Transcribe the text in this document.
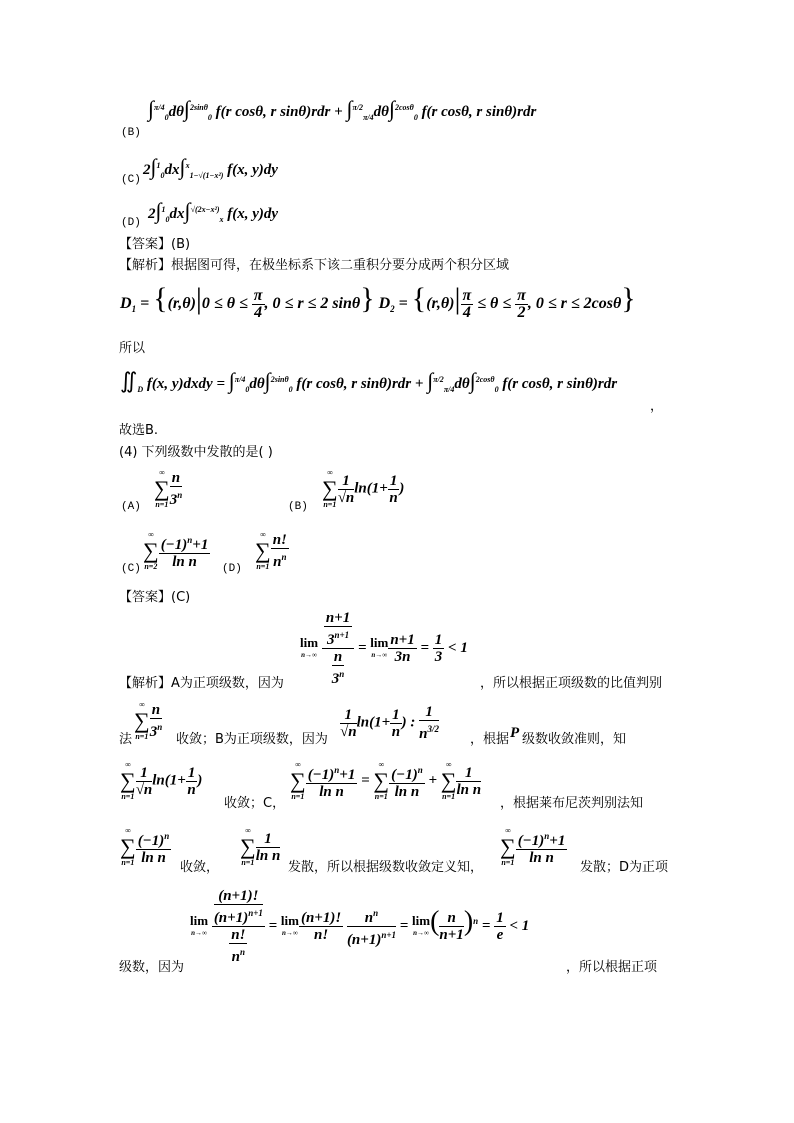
∫$^{\pi/4}_0$dθ∫$^{2sin\theta}_0$ f(r cosθ, r sinθ)rdr + ∫$^{\pi/2}_{\pi/4}$dθ∫$^{2cos\theta}_0$ f(r cosθ, r sinθ)rdr
(B)
2∫$^1_0$dx∫$^x_{1-√(1-x^2)}$ f(x, y)dy
(C)
2∫$^1_0$dx∫$^{√(2x-x^2)}_x$ f(x, y)dy
(D)
【答案】(B)
【解析】根据图可得，在极坐标系下该二重积分要分成两个积分区域
$D_1 = \{(r,\theta)|0 \le \theta \le \frac{\pi}{4}$ , 0 ≤ r ≤ 2 sinθ} $D_2 = \{(r,\theta)| \frac{\pi}{4} \le \theta \le \frac{\pi}{2}$ , 0 ≤ r ≤ 2cosθ}
所以
$∬_D$ f(x, y)dxdy = ∫$^{\pi/4}_0$dθ∫$^{2sin\theta}_0$ f(r cosθ, r sinθ)rdr + ∫$^{\pi/2}_{\pi/4}$dθ∫$^{2cos\theta}_0$ f(r cosθ, r sinθ)rdr
，
故选B.
(4) 下列级数中发散的是( )
∞
∑
$n=1 \frac{n}{3^n}$
(A)	(B)
∞
∑
$n=1 \frac{1}{√n} \ln(1+ \frac{1}{n}$ )
∞
∑
$n=2 \frac{(-1)^n+1}{\text{ln n}}$
(C)	(D)
∞
∑
$n=1 \frac{n!}{n^n}$
【答案】(C)
lim
n→∞
$\frac{\frac{n+1}{3^{n+1}}}{\frac{n}{3^n}} = \lim$
$n\to\infty \frac{n+1}{3n} = \frac{1}{3} < 1$
【解析】A为正项级数，因为	，所以根据正项级数的比值判别
法
∞
∑
$n=1 \frac{n}{3^n}$ 收敛；B为正项级数，因为 $\frac{1}{√n} \ln(1+ \frac{1}{n}$ ) : $\frac{1}{n^{3/2}}$ ，根据 P 级数收敛准则，知
∞
∑
$n=1 \frac{1}{√n} \ln(1+ \frac{1}{n}$ )
收敛；C，
∞
∑
$n=1 \frac{(-1)^n+1}{\text{ln n}}$ =
∞
∑
$n=1 \frac{(-1)^n}{\text{ln n}}$ +
∞
∑
$n=1 \frac{1}{\text{ln n}}$
，根据莱布尼茨判别法知
∞
∑
$n=1 \frac{(-1)^n}{\text{ln n}}$
收敛，
∞
∑
$n=1 \frac{1}{\text{ln n}}$
发散，所以根据级数收敛定义知，
∞
∑
$n=1 \frac{(-1)^n+1}{\text{ln n}}$
发散；D为正项
lim
n→∞
$\frac{\frac{(n+1)!}{(n+1)^{n+1}}}{\frac{n!}{n^n}} = \lim$
$n\to\infty \frac{(n+1)!}{n!}$
$\frac{n^n}{(n+1)^{n+1}} = \lim$
n→∞ ( $\frac{n}{n+1} )^n = \frac{1}{e} < 1$
级数，因为	，所以根据正项
